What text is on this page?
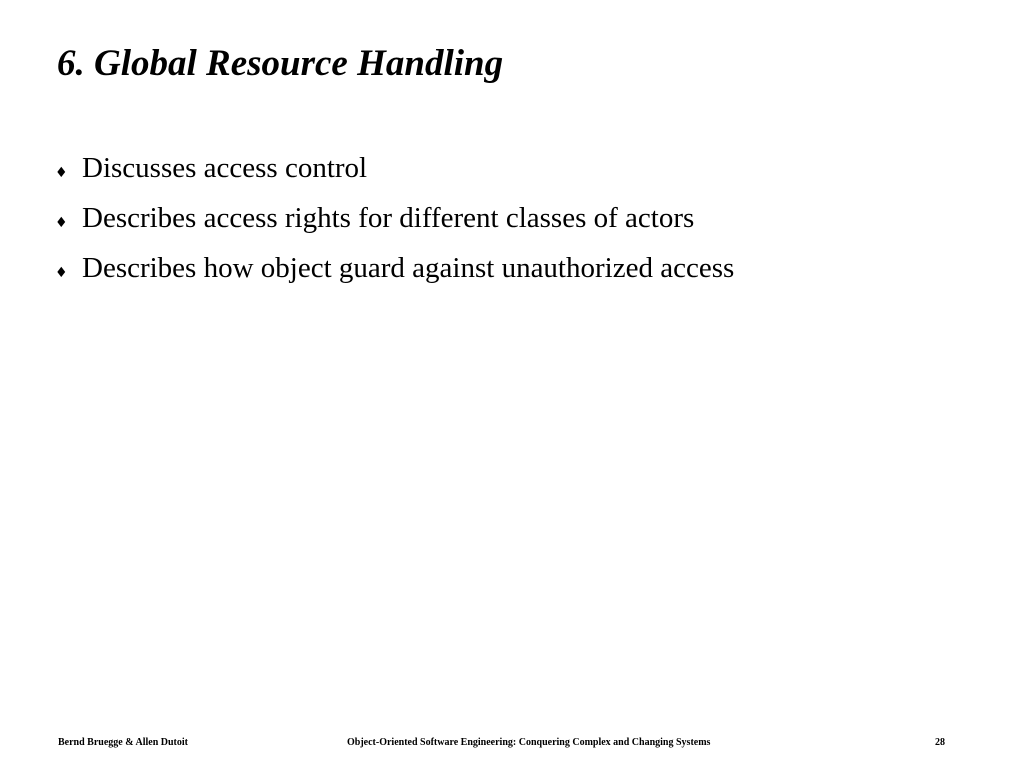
6. Global Resource Handling
♦ Discusses access control
♦ Describes access rights for different classes of actors
♦ Describes how object guard against unauthorized access
Bernd Bruegge & Allen Dutoit	Object-Oriented Software Engineering: Conquering Complex and Changing Systems	28
